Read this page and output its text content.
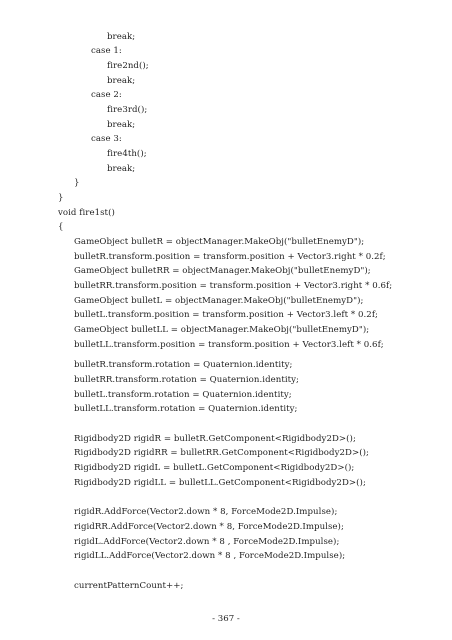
break;
case 1:
fire2nd();
break;
case 2:
fire3rd();
break;
case 3:
fire4th();
break;
}
}
void fire1st()
{
GameObject bulletR = objectManager.MakeObj("bulletEnemyD");
bulletR.transform.position = transform.position + Vector3.right * 0.2f;
GameObject bulletRR = objectManager.MakeObj("bulletEnemyD");
bulletRR.transform.position = transform.position + Vector3.right * 0.6f;
GameObject bulletL = objectManager.MakeObj("bulletEnemyD");
bulletL.transform.position = transform.position + Vector3.left * 0.2f;
GameObject bulletLL = objectManager.MakeObj("bulletEnemyD");
bulletLL.transform.position = transform.position + Vector3.left * 0.6f;
bulletR.transform.rotation = Quaternion.identity;
bulletRR.transform.rotation = Quaternion.identity;
bulletL.transform.rotation = Quaternion.identity;
bulletLL.transform.rotation = Quaternion.identity;
Rigidbody2D rigidR = bulletR.GetComponent<Rigidbody2D>();
Rigidbody2D rigidRR = bulletRR.GetComponent<Rigidbody2D>();
Rigidbody2D rigidL = bulletL.GetComponent<Rigidbody2D>();
Rigidbody2D rigidLL = bulletLL.GetComponent<Rigidbody2D>();
rigidR.AddForce(Vector2.down * 8, ForceMode2D.Impulse);
rigidRR.AddForce(Vector2.down * 8, ForceMode2D.Impulse);
rigidL.AddForce(Vector2.down * 8 , ForceMode2D.Impulse);
rigidLL.AddForce(Vector2.down * 8 , ForceMode2D.Impulse);
currentPatternCount++;
- 367 -
